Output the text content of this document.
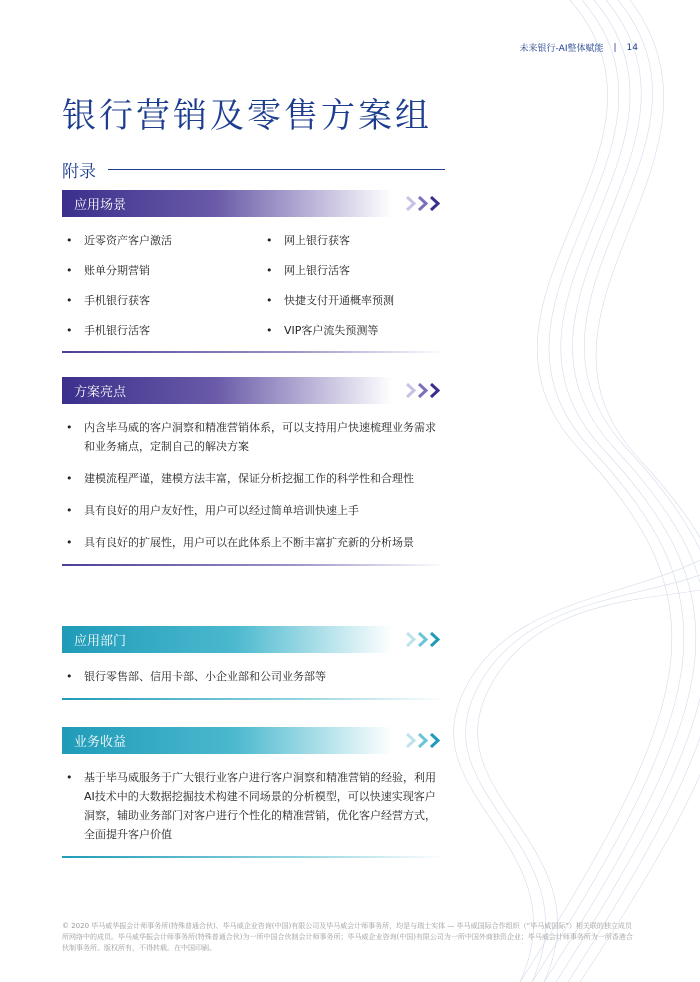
未来银行-AI整体赋能 | 14
银行营销及零售方案组
附录
应用场景
•	近零资产客户激活	•	网上银行获客
•	账单分期营销	•	网上银行活客
•	手机银行获客	•	快捷支付开通概率预测
•	手机银行活客	•	VIP客户流失预测等
方案亮点
•	内含毕马威的客户洞察和精准营销体系，可以支持用户快速梳理业务需求和业务痛点，定制自己的解决方案
•	建模流程严谨，建模方法丰富，保证分析挖掘工作的科学性和合理性
•	具有良好的用户友好性，用户可以经过简单培训快速上手
•	具有良好的扩展性，用户可以在此体系上不断丰富扩充新的分析场景
应用部门
•	银行零售部、信用卡部、小企业部和公司业务部等
业务收益
•	基于毕马威服务于广大银行业客户进行客户洞察和精准营销的经验，利用AI技术中的大数据挖掘技术构建不同场景的分析模型，可以快速实现客户洞察，辅助业务部门对客户进行个性化的精准营销，优化客户经营方式，全面提升客户价值
© 2020 毕马威华振会计师事务所(特殊普通合伙)、毕马威企业咨询(中国)有限公司及毕马威会计师事务所，均是与瑞士实体 — 毕马威国际合作组织（“毕马威国际”）相关联的独立成员所网络中的成员。毕马威华振会计师事务所(特殊普通合伙)为一所中国合伙制会计师事务所；毕马威企业咨询(中国)有限公司为一所中国外商独资企业；毕马威会计师事务所为一所香港合伙制事务所。版权所有，不得转载。在中国印刷。
